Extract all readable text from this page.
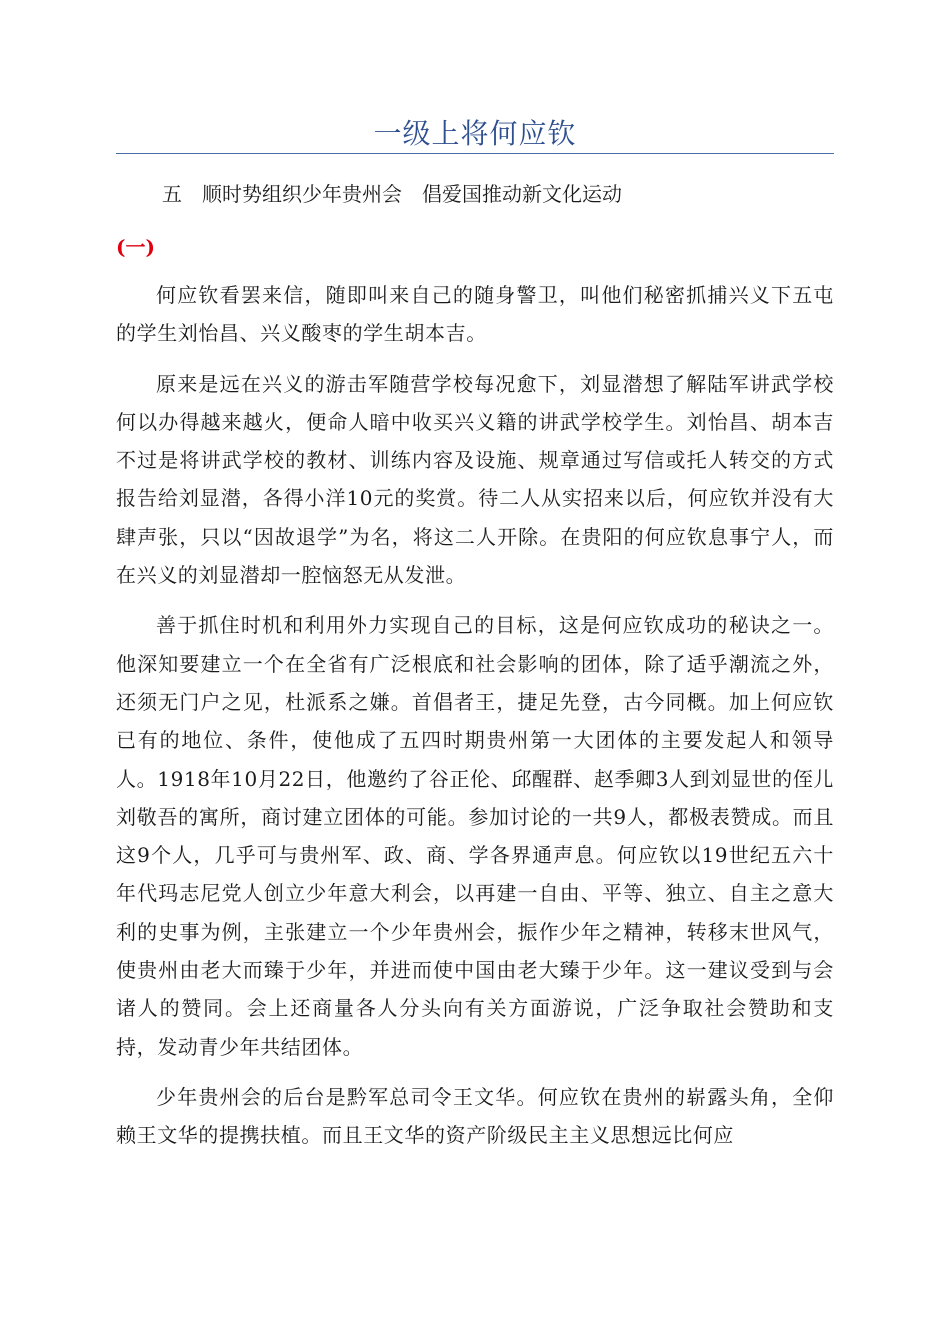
一级上将何应钦
五　顺时势组织少年贵州会　倡爱国推动新文化运动
(一)

何应钦看罢来信，随即叫来自己的随身警卫，叫他们秘密抓捕兴义下五屯的学生刘怡昌、兴义酸枣的学生胡本吉。

原来是远在兴义的游击军随营学校每况愈下，刘显潜想了解陆军讲武学校何以办得越来越火，便命人暗中收买兴义籍的讲武学校学生。刘怡昌、胡本吉不过是将讲武学校的教材、训练内容及设施、规章通过写信或托人转交的方式报告给刘显潜，各得小洋10元的奖赏。待二人从实招来以后，何应钦并没有大肆声张，只以“因故退学”为名，将这二人开除。在贵阳的何应钦息事宁人，而在兴义的刘显潜却一腔恼怒无从发泄。

善于抓住时机和利用外力实现自己的目标，这是何应钦成功的秘诀之一。他深知要建立一个在全省有广泛根底和社会影响的团体，除了适乎潮流之外，还须无门户之见，杜派系之嫌。首倡者王，捷足先登，古今同概。加上何应钦已有的地位、条件，使他成了五四时期贵州第一大团体的主要发起人和领导人。1918年10月22日，他邀约了谷正伦、邱醒群、赵季卿3人到刘显世的侄儿刘敬吾的寓所，商讨建立团体的可能。参加讨论的一共9人，都极表赞成。而且这9个人，几乎可与贵州军、政、商、学各界通声息。何应钦以19世纪五六十年代玛志尼党人创立少年意大利会，以再建一自由、平等、独立、自主之意大利的史事为例，主张建立一个少年贵州会，振作少年之精神，转移末世风气，使贵州由老大而臻于少年，并进而使中国由老大臻于少年。这一建议受到与会诸人的赞同。会上还商量各人分头向有关方面游说，广泛争取社会赞助和支持，发动青少年共结团体。

少年贵州会的后台是黔军总司令王文华。何应钦在贵州的崭露头角，全仰赖王文华的提携扶植。而且王文华的资产阶级民主主义思想远比何应
